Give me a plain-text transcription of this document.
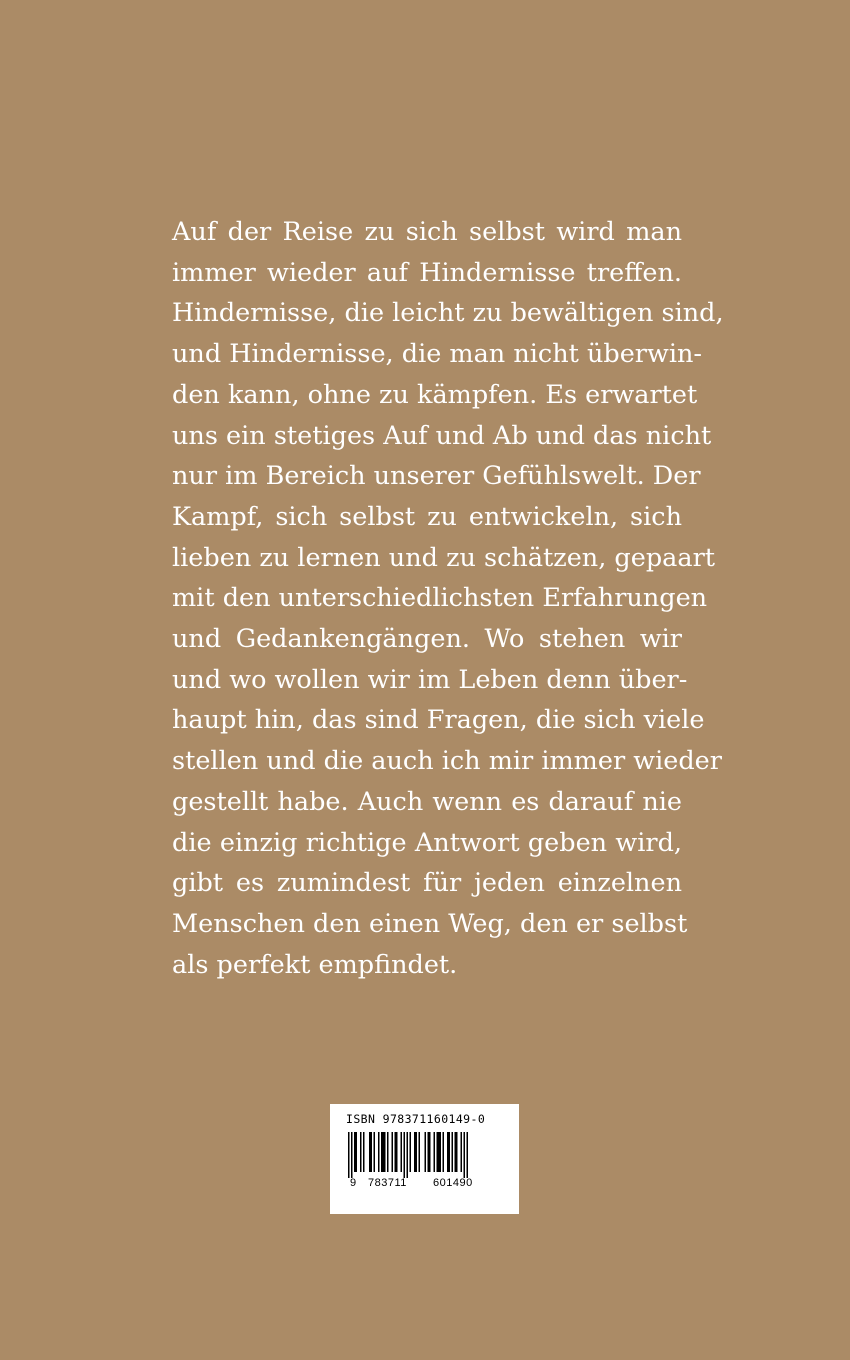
Auf der Reise zu sich selbst wird man
immer wieder auf Hindernisse treffen.
Hindernisse, die leicht zu bewältigen sind,
und Hindernisse, die man nicht überwin-
den kann, ohne zu kämpfen. Es erwartet
uns ein stetiges Auf und Ab und das nicht
nur im Bereich unserer Gefühlswelt. Der
Kampf, sich selbst zu entwickeln, sich
lieben zu lernen und zu schätzen, gepaart
mit den unterschiedlichsten Erfahrungen
und Gedankengängen. Wo stehen wir
und wo wollen wir im Leben denn über-
haupt hin, das sind Fragen, die sich viele
stellen und die auch ich mir immer wieder
gestellt habe. Auch wenn es darauf nie
die einzig richtige Antwort geben wird,
gibt es zumindest für jeden einzelnen
Menschen den einen Weg, den er selbst
als perfekt empfindet.
ISBN 978371160149-0
9 783711 601490
